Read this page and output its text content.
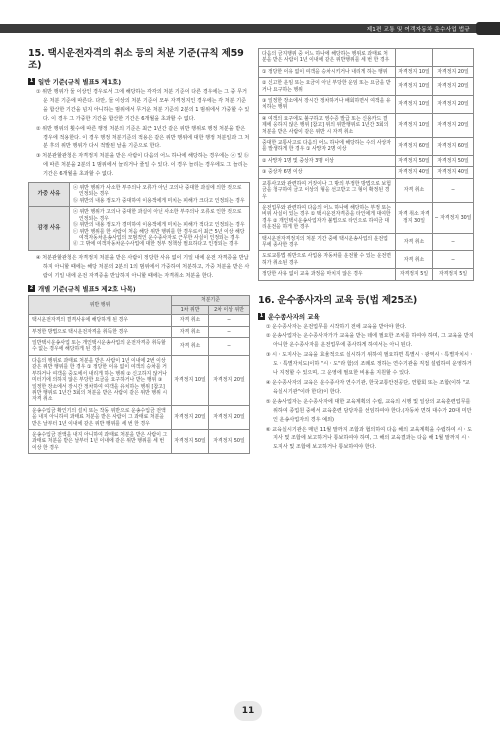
제1편 교통 및 여객자동차 운수사업 법규
15. 택시운전자격의 취소 등의 처분 기준(규칙 제59조)
1 일반 기준(규칙 별표5 제1호)
① 위반 행위가 둘 이상인 경우로서 그에 해당하는 각각의 처분 기준이 다른 경우에는 그 중 무거운 처분 기준에 따른다. 다만, 둘 이상의 처분 기준이 모두 자격정지인 경우에는 각 처분 기준을 합산한 기간을 넘지 아니하는 범위에서 무거운 처분 기준의 2분의 1 범위에서 가중할 수 있다. 이 경우 그 가중한 기간을 합산한 기간은 6개월을 초과할 수 없다.
② 위반 행위의 횟수에 따른 행정 처분의 기준은 최근 1년간 같은 위반 행위로 행정 처분을 받은 경우에 적용한다. 이 경우 행정 처분기준의 적용은 같은 위반 행위에 대한 행정 처분일과 그 처분 후의 위반 행위가 다시 적발된 날을 기준으로 한다.
③ 처분관할관청은 자격정지 처분을 받은 사람이 다음의 어느 하나에 해당하는 경우에는 ⓐ 및 ⓑ에 따른 처분을 2분의 1 범위에서 늘리거나 줄일 수 있다. 이 경우 늘리는 경우에도 그 늘리는 기간은 6개월을 초과할 수 없다.
가중 사유	ⓐ 위반 행위가 사소한 부주의나 오류가 아닌 고의나 중대한 과실에 의한 것으로 인정되는 경우
ⓑ 위반의 내용 정도가 중대하여 이용객에게 미치는 피해가 크다고 인정되는 경우

감경 사유	ⓐ 위반 행위가 고의나 중대한 과실이 아닌 사소한 부주의나 오류로 인한 것으로 인정되는 경우
ⓑ 위반의 내용 정도가 경미하여 이용객에게 미치는 피해가 적다고 인정되는 경우
ⓒ 위반 행위를 한 사람이 처음 해당 위반 행위를 한 경우로서 최근 5년 이상 해당 여객자동차운송사업의 모범적인 운수종사자로 근무한 사실이 인정되는 경우
ⓓ 그 밖에 여객자동차운수사업에 대한 정부 정책상 필요하다고 인정되는 경우
④ 처분관할관청은 자격정지 처분을 받은 사람이 정당한 사유 없이 기일 내에 운전 자격증을 반납하지 아니할 때에는 해당 처분의 2분의 1의 범위에서 가중하여 처분하고, 가중 처분을 받은 사람이 기일 내에 운전 자격증을 반납하지 아니할 때에는 자격취소 처분을 한다.
2 개별 기준(규칙 별표5 제2호 나목)
위반 행위	처분기준	
	1차 위반	2차 이상 위반
택시운전자격의 결격사유에 해당하게 된 경우	자격 취소	−
부정한 방법으로 택시운전자격을 취득한 경우	자격 취소	−
일반택시운송사업 또는 개인택시운송사업의 운전자격증 취득할 수 없는 경우에 해당하게 된 경우	자격 취소	−
다음의 행위로 과태료 처분을 받은 사람이 1년 이내에 2번 이상 같은 위반 행위를 한 경우 ① 정당한 이유 없이 여객의 승차를 거부하거나 여객을 중도에서 내리게 하는 행위 ② 신고하지 않거나 미터기에 의하지 않은 부당한 요금을 요구하거나 받는 행위 ③ 일정한 장소에서 장시간 정차하여 여객을 유치하는 행위 [참고] 위반 행위로 1년간 3회의 처분을 받은 사람이 같은 위반 행위 시 자격 취소	자격정지 10일	자격정지 20일
운송수입금 확인기의 설치 또는 작동 위반으로 운송수입금 전액을 내지 아니하여 과태료 처분을 받은 사람이 그 과태료 처분을 받은 날부터 1년 이내에 같은 위반 행위를 세 번 한 경우	자격정지 20일	자격정지 20일
운송수입금 전액을 내지 아니하여 과태료 처분을 받은 사람이 그 과태료 처분을 받은 날부터 1년 이내에 같은 위반 행위를 세 번 이상 한 경우	자격정지 50일	자격정지 50일
다음의 금지행위 중 어느 하나에 해당하는 행위로 과태료 처분을 받은 사람이 1년 이내에 같은 위반행위를 세 번 한 경우		
① 정당한 이유 없이 여객을 승차시키거나 내리게 하는 행위	자격정지 10일	자격정지 20일
② 신고한 운임 또는 요금이 아닌 부당한 운임 또는 요금을 받거나 요구하는 행위	자격정지 10일	자격정지 20일
③ 일정한 장소에서 장시간 정차하거나 배회하면서 여객을 유치하는 행위	자격정지 10일	자격정지 20일
④ 여객의 요구에도 불구하고 영수증 발급 또는 신용카드 결제에 응하지 않은 행위 [참고] 위의 위반행위로 1년간 3회의 처분을 받은 사람이 같은 위반 시 자격 취소	자격정지 10일	자격정지 20일
중대한 교통사고로 다음의 어느 하나에 해당하는 수의 사상자를 발생하게 한 경우 ① 사망자 2명 이상	자격정지 60일	자격정지 60일
② 사망자 1명 및 중상자 3명 이상	자격정지 50일	자격정지 50일
③ 중상자 6명 이상	자격정지 40일	자격정지 40일
교통사고와 관련하여 거짓이나 그 밖의 부정한 방법으로 보험금을 청구하여 금고 이상의 형을 선고받고 그 형이 확정된 경우	자격 취소	−
운전업무와 관련하여 다음의 어느 하나에 해당하는 부정 또는 비위 사실이 있는 경우 ① 택시운전자격증을 타인에게 대여한 경우 ② 개인택시운송사업자가 불법으로 타인으로 하여금 대리운전을 하게 한 경우	자격 취소 자격정지 30일	− 자격정지 30일
택시운전자격정지의 처분 기간 중에 택시운송사업의 운전업무에 종사한 경우	자격 취소	−
도로교통법 위반으로 사업용 자동차를 운전할 수 있는 운전면허가 취소된 경우	자격 취소	−
정당한 사유 없이 교육 과정을 마치지 않은 경우	자격정지 5일	자격정지 5일
16. 운수종사자의 교육 등(법 제25조)
1 운수종사자의 교육
① 운수종사자는 운전업무를 시작하기 전에 교육을 받아야 한다.
② 운송사업자는 운수종사자가가 교육을 받는 데에 필요한 조치를 하여야 하며, 그 교육을 받지 아니한 운수종사자를 운전업무에 종사하게 하여서는 아니 된다.
③ 시ㆍ도지사는 교육을 효율적으로 실시하기 위하여 필요하면 특별시ㆍ광역시ㆍ특별자치시ㆍ도ㆍ특별자치도(이하 "시ㆍ도"라 함)의 조례로 정하는 연수기관을 직접 설립하여 운영하거나 지정할 수 있으며, 그 운영에 필요한 비용을 지원할 수 있다.
④ 운수종사자의 교육은 운수종사자 연수기관, 한국교통안전공단, 연합회 또는 조합(이하 "교육실시기관"이라 한다)이 한다.
⑤ 운송사업자는 운수종사자에 대한 교육계획의 수립, 교육의 시행 및 일상의 교육훈련업무를 위하여 종업원 중에서 교육훈련 담당자를 선임하여야 한다.(자동차 면허 대수가 20대 미만인 운송사업자의 경우 예외)
⑥ 교육실시기관은 매년 11월 말까지 조합과 협의하여 다음 해의 교육계획을 수립하여 시ㆍ도지사 및 조합에 보고하거나 통보하여야 하며, 그 해의 교육결과는 다음 해 1월 말까지 시ㆍ도지사 및 조합에 보고하거나 통보하여야 한다.
11
